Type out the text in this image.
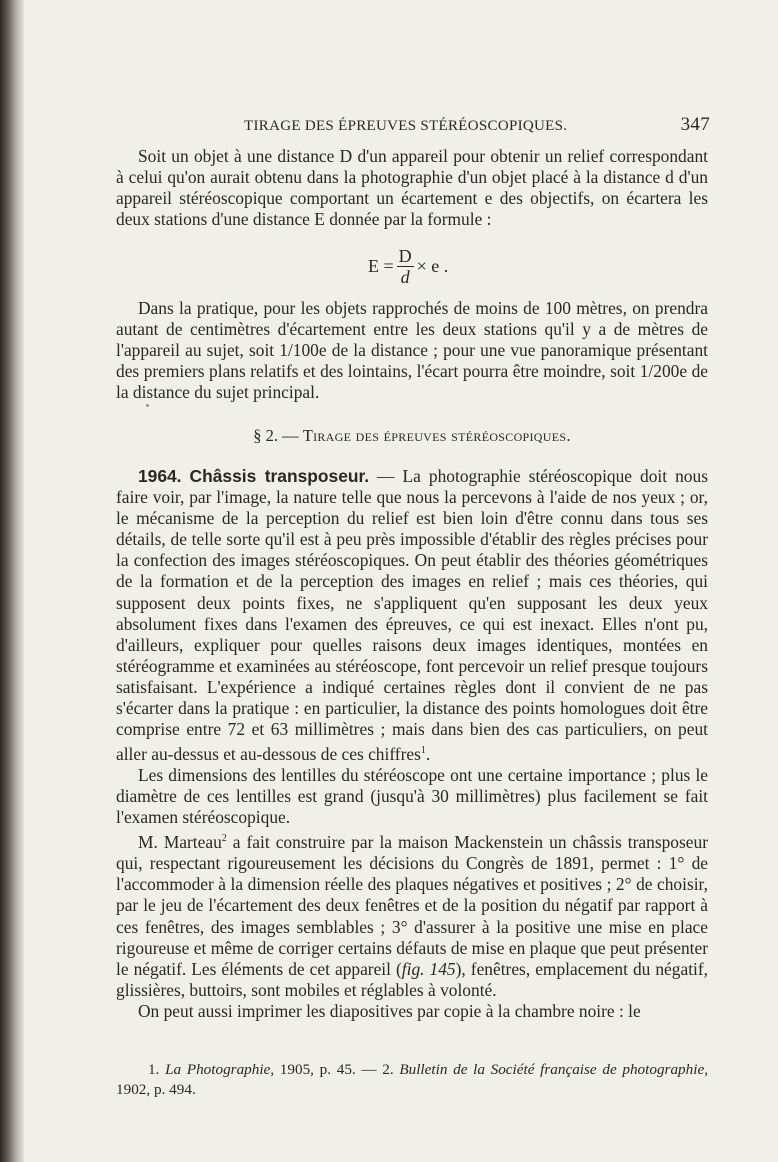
TIRAGE DES ÉPREUVES STÉRÉOSCOPIQUES.	347

Soit un objet à une distance D d'un appareil pour obtenir un relief correspondant à celui qu'on aurait obtenu dans la photographie d'un objet placé à la distance d d'un appareil stéréoscopique comportant un écartement e des objectifs, on écartera les deux stations d'une distance E donnée par la formule :

$E = \frac{D}{d} \times e$ .

Dans la pratique, pour les objets rapprochés de moins de 100 mètres, on prendra autant de centimètres d'écartement entre les deux stations qu'il y a de mètres de l'appareil au sujet, soit 1/100e de la distance ; pour une vue panoramique présentant des premiers plans relatifs et des lointains, l'écart pourra être moindre, soit 1/200e de la distance du sujet principal.

§ 2. — Tirage des épreuves stéréoscopiques.

1964. Châssis transposeur. — La photographie stéréoscopique doit nous faire voir, par l'image, la nature telle que nous la percevons à l'aide de nos yeux ; or, le mécanisme de la perception du relief est bien loin d'être connu dans tous ses détails, de telle sorte qu'il est à peu près impossible d'établir des règles précises pour la confection des images stéréoscopiques. On peut établir des théories géométriques de la formation et de la perception des images en relief ; mais ces théories, qui supposent deux points fixes, ne s'appliquent qu'en supposant les deux yeux absolument fixes dans l'examen des épreuves, ce qui est inexact. Elles n'ont pu, d'ailleurs, expliquer pour quelles raisons deux images identiques, montées en stéréogramme et examinées au stéréoscope, font percevoir un relief presque toujours satisfaisant. L'expérience a indiqué certaines règles dont il convient de ne pas s'écarter dans la pratique : en particulier, la distance des points homologues doit être comprise entre 72 et 63 millimètres ; mais dans bien des cas particuliers, on peut aller au-dessus et au-dessous de ces chiffres$^1$.

Les dimensions des lentilles du stéréoscope ont une certaine importance ; plus le diamètre de ces lentilles est grand (jusqu'à 30 millimètres) plus facilement se fait l'examen stéréoscopique.

M. Marteau$^2$ a fait construire par la maison Mackenstein un châssis transposeur qui, respectant rigoureusement les décisions du Congrès de 1891, permet : 1° de l'accommoder à la dimension réelle des plaques négatives et positives ; 2° de choisir, par le jeu de l'écartement des deux fenêtres et de la position du négatif par rapport à ces fenêtres, des images semblables ; 3° d'assurer à la positive une mise en place rigoureuse et même de corriger certains défauts de mise en plaque que peut présenter le négatif. Les éléments de cet appareil (fig. 145), fenêtres, emplacement du négatif, glissières, buttoirs, sont mobiles et réglables à volonté.

On peut aussi imprimer les diapositives par copie à la chambre noire : le

1. La Photographie, 1905, p. 45. — 2. Bulletin de la Société française de photographie, 1902, p. 494.
